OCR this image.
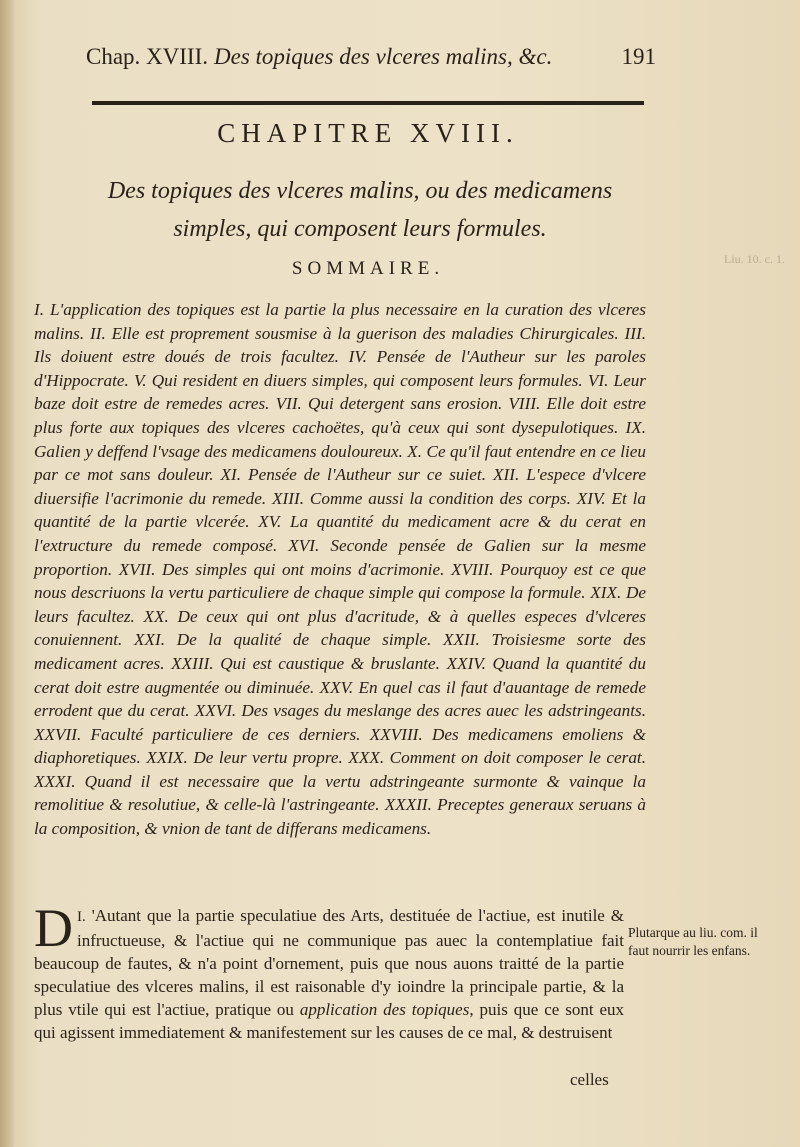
Chap. XVIII. Des topiques des vlceres malins, &c.	191
CHAPITRE XVIII.
Des topiques des vlceres malins, ou des medicamens simples, qui composent leurs formules.
SOMMAIRE.
I. L'application des topiques est la partie la plus necessaire en la curation des vlceres malins. II. Elle est proprement sousmise à la guerison des maladies Chirurgicales. III. Ils doiuent estre doués de trois facultez. IV. Pensée de l'Autheur sur les paroles d'Hippocrate. V. Qui resident en diuers simples, qui composent leurs formules. VI. Leur baze doit estre de remedes acres. VII. Qui detergent sans erosion. VIII. Elle doit estre plus forte aux topiques des vlceres cachoëtes, qu'à ceux qui sont dysepulotiques. IX. Galien y deffend l'vsage des medicamens douloureux. X. Ce qu'il faut entendre en ce lieu par ce mot sans douleur. XI. Pensée de l'Autheur sur ce suiet. XII. L'espece d'vlcere diuersifie l'acrimonie du remede. XIII. Comme aussi la condition des corps. XIV. Et la quantité de la partie vlcerée. XV. La quantité du medicament acre & du cerat en l'extructure du remede composé. XVI. Seconde pensée de Galien sur la mesme proportion. XVII. Des simples qui ont moins d'acrimonie. XVIII. Pourquoy est ce que nous descriuons la vertu particuliere de chaque simple qui compose la formule. XIX. De leurs facultez. XX. De ceux qui ont plus d'acritude, & à quelles especes d'vlceres conuiennent. XXI. De la qualité de chaque simple. XXII. Troisiesme sorte des medicament acres. XXIII. Qui est caustique & bruslante. XXIV. Quand la quantité du cerat doit estre augmentée ou diminuée. XXV. En quel cas il faut d'auantage de remede errodent que du cerat. XXVI. Des vsages du meslange des acres auec les adstringeants. XXVII. Faculté particuliere de ces derniers. XXVIII. Des medicamens emoliens & diaphoretiques. XXIX. De leur vertu propre. XXX. Comment on doit composer le cerat. XXXI. Quand il est necessaire que la vertu adstringeante surmonte & vainque la remolitiue & resolutiue, & celle-là l'astringeante. XXXII. Preceptes generaux seruans à la composition, & vnion de tant de differans medicamens.
I.
D 'Autant que la partie speculatiue des Arts, destituée de l'actiue, est inutile & infructueuse, & l'actiue qui ne communique pas auec la contemplatiue fait beaucoup de fautes, & n'a point d'ornement, puis que nous auons traitté de la partie speculatiue des vlceres malins, il est raisonable d'y ioindre la principale partie, & la plus vtile qui est l'actiue, pratique ou application des topiques, puis que ce sont eux qui agissent immediatement & manifestement sur les causes de ce mal, & destruisent
Plutarque au liu. com. il faut nourrir les enfans.
celles
Liu. 10. c. 1.
